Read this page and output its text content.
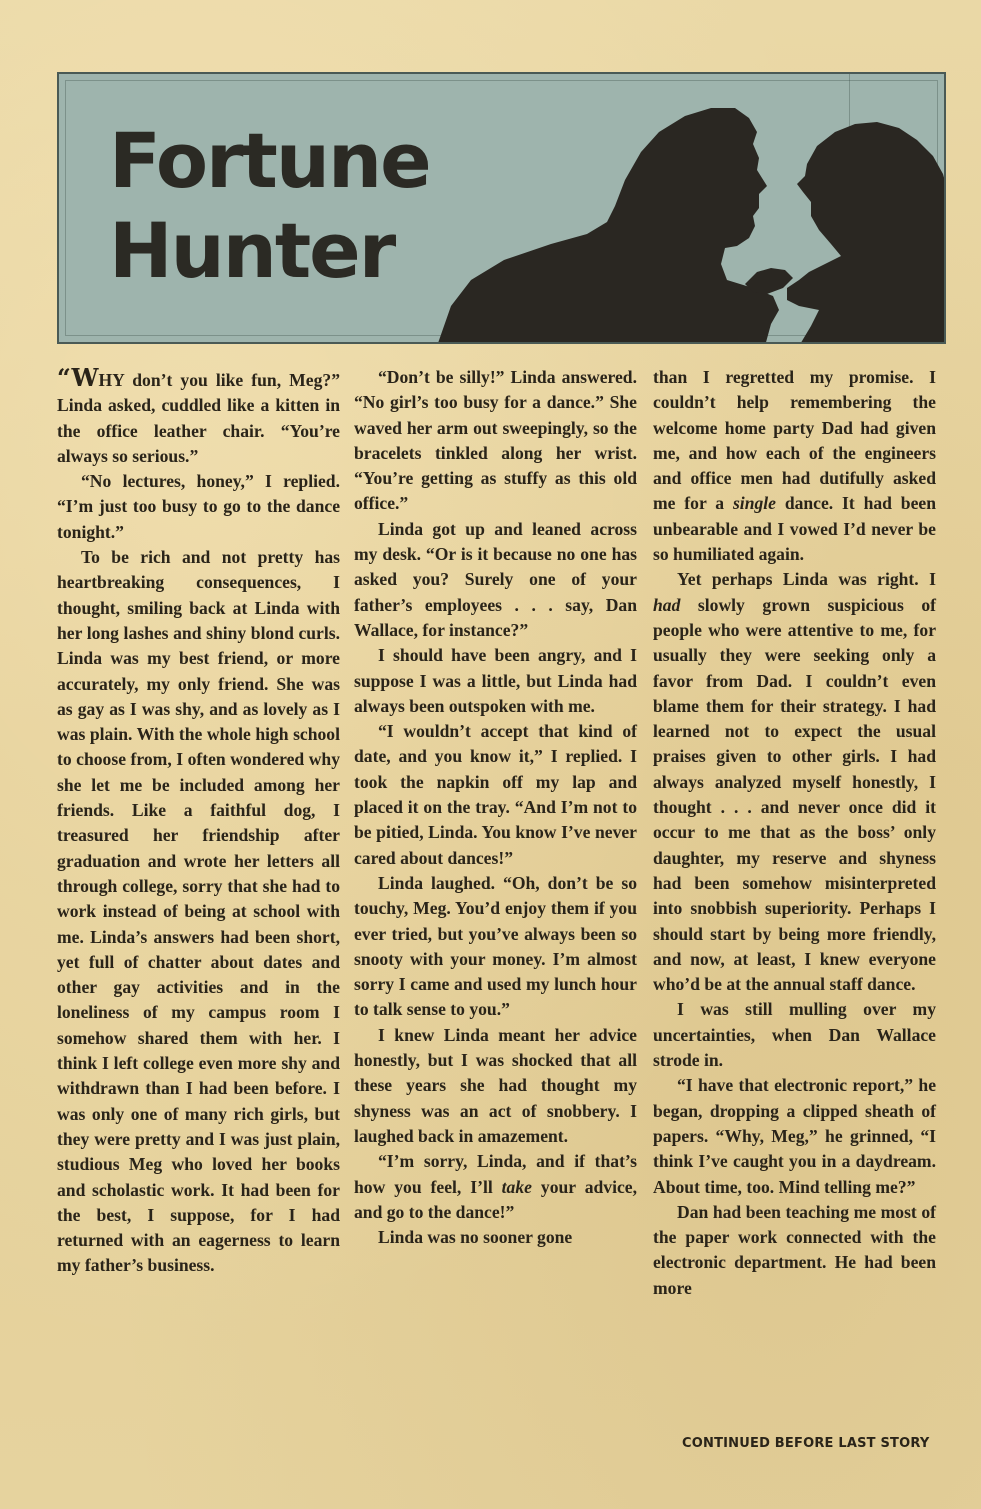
Fortune
Hunter

“WHY don’t you like fun, Meg?” Linda asked, cuddled like a kitten in the office leather chair. “You’re always so serious.”

“No lectures, honey,” I replied. “I’m just too busy to go to the dance tonight.”

To be rich and not pretty has heartbreaking consequences, I thought, smiling back at Linda with her long lashes and shiny blond curls. Linda was my best friend, or more accurately, my only friend. She was as gay as I was shy, and as lovely as I was plain. With the whole high school to choose from, I often wondered why she let me be included among her friends. Like a faithful dog, I treasured her friendship after graduation and wrote her letters all through college, sorry that she had to work instead of being at school with me. Linda’s answers had been short, yet full of chatter about dates and other gay activities and in the loneliness of my campus room I somehow shared them with her. I think I left college even more shy and withdrawn than I had been before. I was only one of many rich girls, but they were pretty and I was just plain, studious Meg who loved her books and scholastic work. It had been for the best, I suppose, for I had returned with an eagerness to learn my father’s business.

“Don’t be silly!” Linda answered. “No girl’s too busy for a dance.” She waved her arm out sweepingly, so the bracelets tinkled along her wrist. “You’re getting as stuffy as this old office.”

Linda got up and leaned across my desk. “Or is it because no one has asked you? Surely one of your father’s employees . . . say, Dan Wallace, for instance?”

I should have been angry, and I suppose I was a little, but Linda had always been outspoken with me.

“I wouldn’t accept that kind of date, and you know it,” I replied. I took the napkin off my lap and placed it on the tray. “And I’m not to be pitied, Linda. You know I’ve never cared about dances!”

Linda laughed. “Oh, don’t be so touchy, Meg. You’d enjoy them if you ever tried, but you’ve always been so snooty with your money. I’m almost sorry I came and used my lunch hour to talk sense to you.”

I knew Linda meant her advice honestly, but I was shocked that all these years she had thought my shyness was an act of snobbery. I laughed back in amazement.

“I’m sorry, Linda, and if that’s how you feel, I’ll take your advice, and go to the dance!”

Linda was no sooner gone

than I regretted my promise. I couldn’t help remembering the welcome home party Dad had given me, and how each of the engineers and office men had dutifully asked me for a single dance. It had been unbearable and I vowed I’d never be so humiliated again.

Yet perhaps Linda was right. I had slowly grown suspicious of people who were attentive to me, for usually they were seeking only a favor from Dad. I couldn’t even blame them for their strategy. I had learned not to expect the usual praises given to other girls. I had always analyzed myself honestly, I thought . . . and never once did it occur to me that as the boss’ only daughter, my reserve and shyness had been somehow misinterpreted into snobbish superiority. Perhaps I should start by being more friendly, and now, at least, I knew everyone who’d be at the annual staff dance.

I was still mulling over my uncertainties, when Dan Wallace strode in.

“I have that electronic report,” he began, dropping a clipped sheath of papers. “Why, Meg,” he grinned, “I think I’ve caught you in a daydream. About time, too. Mind telling me?”

Dan had been teaching me most of the paper work connected with the electronic department. He had been more

CONTINUED BEFORE LAST STORY
